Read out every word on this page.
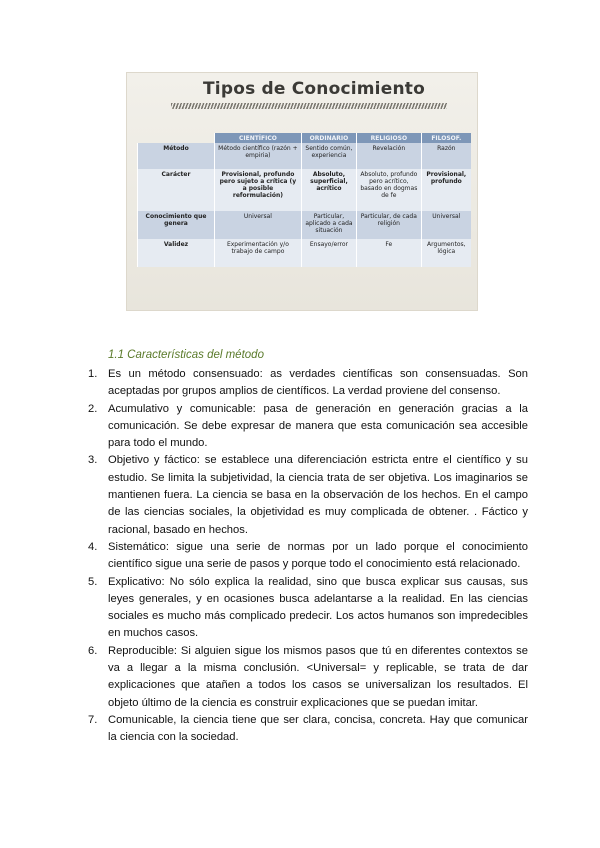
Tipos de Conocimiento
	CIENTÍFICO	ORDINARIO	RELIGIOSO	FILOSOF.
Método	Método científico (razón + empiria)	Sentido común, experiencia	Revelación	Razón
Carácter	Provisional, profundo pero sujeto a crítica (y a posible reformulación)	Absoluto, superficial, acrítico	Absoluto, profundo pero acrítico, basado en dogmas de fe	Provisional, profundo
Conocimiento que genera	Universal	Particular, aplicado a cada situación	Particular, de cada religión	Universal
Validez	Experimentación y/o trabajo de campo	Ensayo/error	Fe	Argumentos, lógica
1.1 Características del método
1. Es un método consensuado: as verdades científicas son consensuadas. Son aceptadas por grupos amplios de científicos. La verdad proviene del consenso.
2. Acumulativo y comunicable: pasa de generación en generación gracias a la comunicación. Se debe expresar de manera que esta comunicación sea accesible para todo el mundo.
3. Objetivo y fáctico: se establece una diferenciación estricta entre el científico y su estudio. Se limita la subjetividad, la ciencia trata de ser objetiva. Los imaginarios se mantienen fuera. La ciencia se basa en la observación de los hechos. En el campo de las ciencias sociales, la objetividad es muy complicada de obtener. . Fáctico y racional, basado en hechos.
4. Sistemático: sigue una serie de normas por un lado porque el conocimiento científico sigue una serie de pasos y porque todo el conocimiento está relacionado.
5. Explicativo: No sólo explica la realidad, sino que busca explicar sus causas, sus leyes generales, y en ocasiones busca adelantarse a la realidad. En las ciencias sociales es mucho más complicado predecir. Los actos humanos son impredecibles en muchos casos.
6. Reproducible: Si alguien sigue los mismos pasos que tú en diferentes contextos se va a llegar a la misma conclusión. <Universal= y replicable, se trata de dar explicaciones que atañen a todos los casos se universalizan los resultados. El objeto último de la ciencia es construir explicaciones que se puedan imitar.
7. Comunicable, la ciencia tiene que ser clara, concisa, concreta. Hay que comunicar la ciencia con la sociedad.
